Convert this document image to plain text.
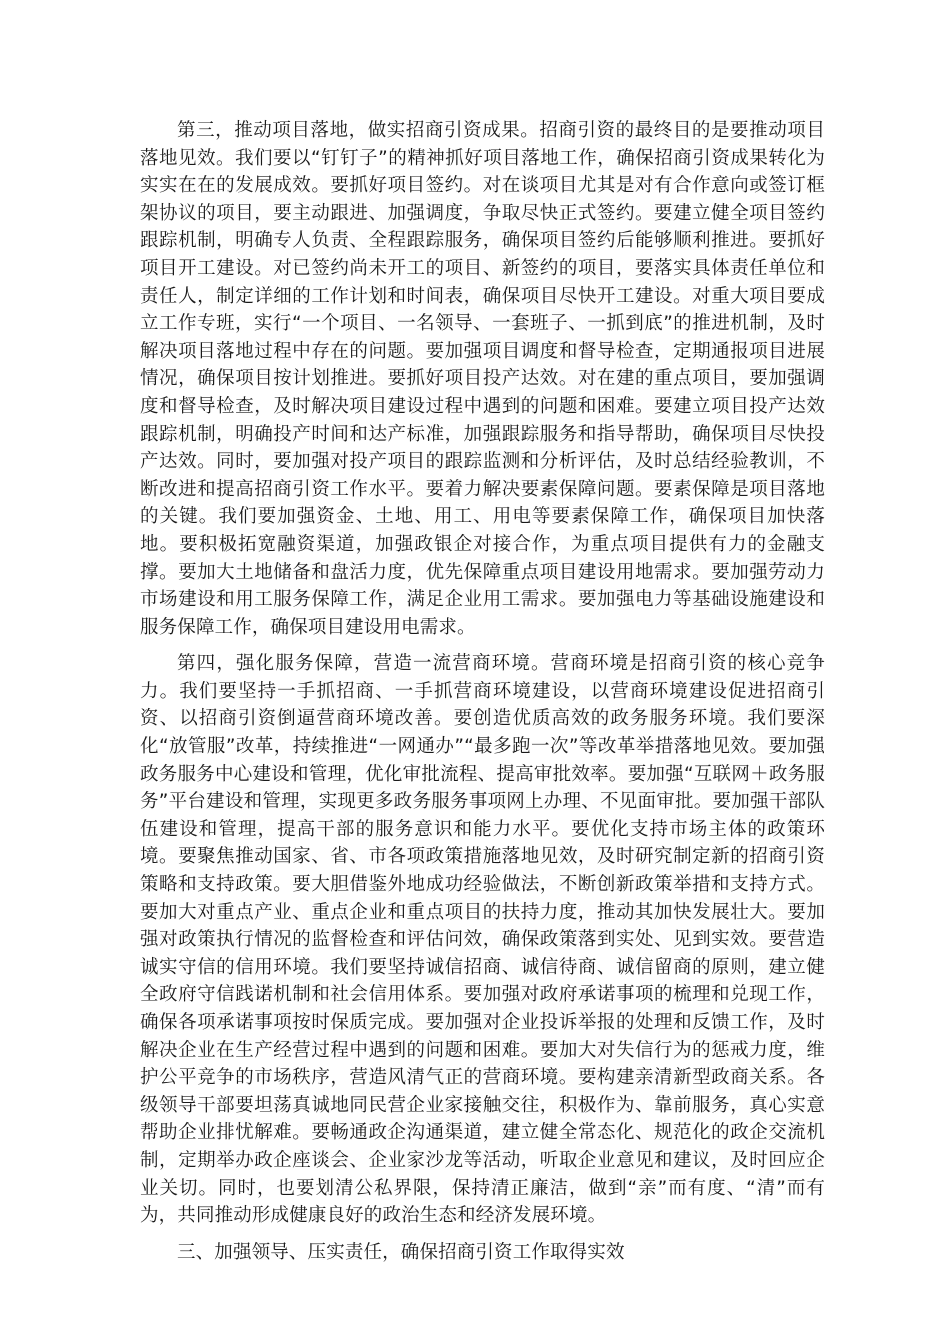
第三，推动项目落地，做实招商引资成果。招商引资的最终目的是要推动项目落地见效。我们要以“钉钉子”的精神抓好项目落地工作，确保招商引资成果转化为实实在在的发展成效。要抓好项目签约。对在谈项目尤其是对有合作意向或签订框架协议的项目，要主动跟进、加强调度，争取尽快正式签约。要建立健全项目签约跟踪机制，明确专人负责、全程跟踪服务，确保项目签约后能够顺利推进。要抓好项目开工建设。对已签约尚未开工的项目、新签约的项目，要落实具体责任单位和责任人，制定详细的工作计划和时间表，确保项目尽快开工建设。对重大项目要成立工作专班，实行“一个项目、一名领导、一套班子、一抓到底”的推进机制，及时解决项目落地过程中存在的问题。要加强项目调度和督导检查，定期通报项目进展情况，确保项目按计划推进。要抓好项目投产达效。对在建的重点项目，要加强调度和督导检查，及时解决项目建设过程中遇到的问题和困难。要建立项目投产达效跟踪机制，明确投产时间和达产标准，加强跟踪服务和指导帮助，确保项目尽快投产达效。同时，要加强对投产项目的跟踪监测和分析评估，及时总结经验教训，不断改进和提高招商引资工作水平。要着力解决要素保障问题。要素保障是项目落地的关键。我们要加强资金、土地、用工、用电等要素保障工作，确保项目加快落地。要积极拓宽融资渠道，加强政银企对接合作，为重点项目提供有力的金融支撑。要加大土地储备和盘活力度，优先保障重点项目建设用地需求。要加强劳动力市场建设和用工服务保障工作，满足企业用工需求。要加强电力等基础设施建设和服务保障工作，确保项目建设用电需求。

第四，强化服务保障，营造一流营商环境。营商环境是招商引资的核心竞争力。我们要坚持一手抓招商、一手抓营商环境建设，以营商环境建设促进招商引资、以招商引资倒逼营商环境改善。要创造优质高效的政务服务环境。我们要深化“放管服”改革，持续推进“一网通办”“最多跑一次”等改革举措落地见效。要加强政务服务中心建设和管理，优化审批流程、提高审批效率。要加强“互联网＋政务服务”平台建设和管理，实现更多政务服务事项网上办理、不见面审批。要加强干部队伍建设和管理，提高干部的服务意识和能力水平。要优化支持市场主体的政策环境。要聚焦推动国家、省、市各项政策措施落地见效，及时研究制定新的招商引资策略和支持政策。要大胆借鉴外地成功经验做法，不断创新政策举措和支持方式。要加大对重点产业、重点企业和重点项目的扶持力度，推动其加快发展壮大。要加强对政策执行情况的监督检查和评估问效，确保政策落到实处、见到实效。要营造诚实守信的信用环境。我们要坚持诚信招商、诚信待商、诚信留商的原则，建立健全政府守信践诺机制和社会信用体系。要加强对政府承诺事项的梳理和兑现工作，确保各项承诺事项按时保质完成。要加强对企业投诉举报的处理和反馈工作，及时解决企业在生产经营过程中遇到的问题和困难。要加大对失信行为的惩戒力度，维护公平竞争的市场秩序，营造风清气正的营商环境。要构建亲清新型政商关系。各级领导干部要坦荡真诚地同民营企业家接触交往，积极作为、靠前服务，真心实意帮助企业排忧解难。要畅通政企沟通渠道，建立健全常态化、规范化的政企交流机制，定期举办政企座谈会、企业家沙龙等活动，听取企业意见和建议，及时回应企业关切。同时，也要划清公私界限，保持清正廉洁，做到“亲”而有度、“清”而有为，共同推动形成健康良好的政治生态和经济发展环境。

三、加强领导、压实责任，确保招商引资工作取得实效
